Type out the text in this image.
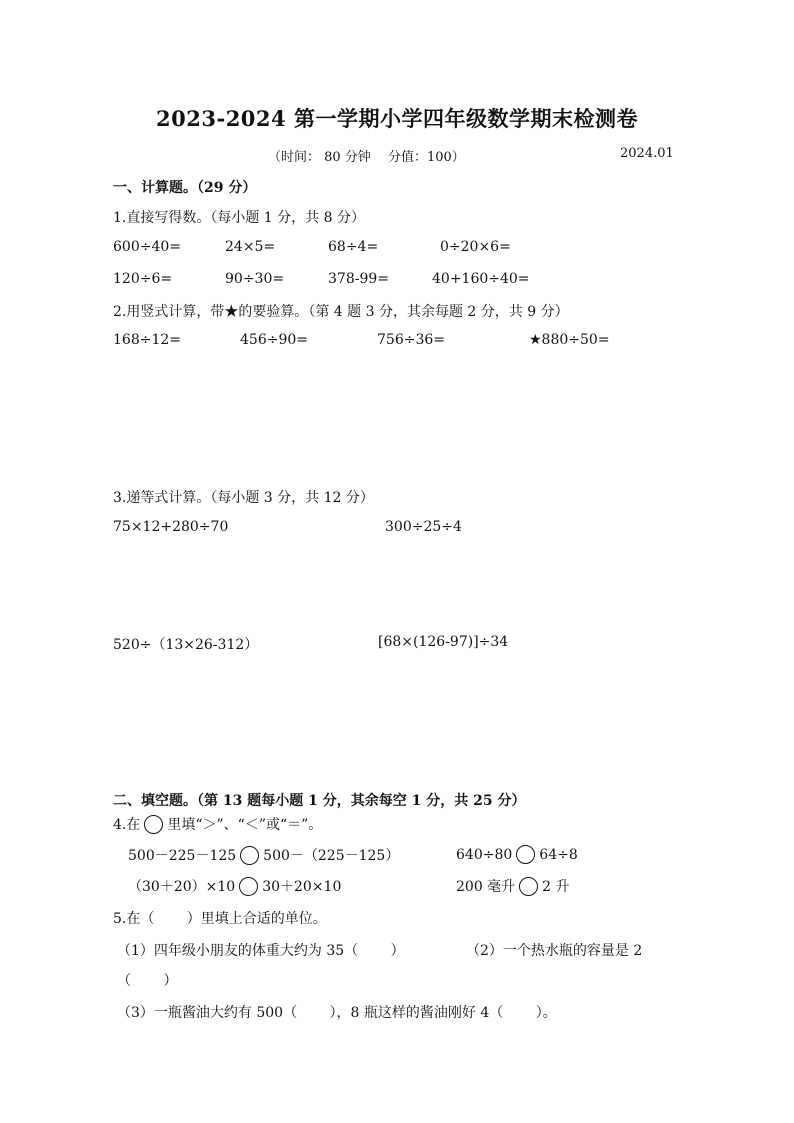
2023-2024 第一学期小学四年级数学期末检测卷
（时间： 80 分钟　 分值：100）	2024.01
一、计算题。（29 分）
1.直接写得数。（每小题 1 分，共 8 分）
600÷40=	24×5=	68÷4=	0÷20×6=
120÷6=	90÷30=	378-99=	40+160÷40=
2.用竖式计算，带★的要验算。（第 4 题 3 分，其余每题 2 分，共 9 分）
168÷12=	456÷90=	756÷36=	★880÷50=
3.递等式计算。（每小题 3 分，共 12 分）
75×12+280÷70	300÷25÷4
520÷（13×26-312）	[68×(126-97)]÷34
二、填空题。（第 13 题每小题 1 分，其余每空 1 分，共 25 分）
4.在 里填“＞”、“＜”或“＝”。
500－225－125 500－（225－125）	640÷80 64÷8
（30＋20）×10 30＋20×10	200 毫升 2 升
5.在（　　 ）里填上合适的单位。
（1）四年级小朋友的体重大约为 35（　　 ）	（2）一个热水瓶的容量是 2
（　　 ）
（3）一瓶酱油大约有 500（　　 ），8 瓶这样的酱油刚好 4（　　 ）。
